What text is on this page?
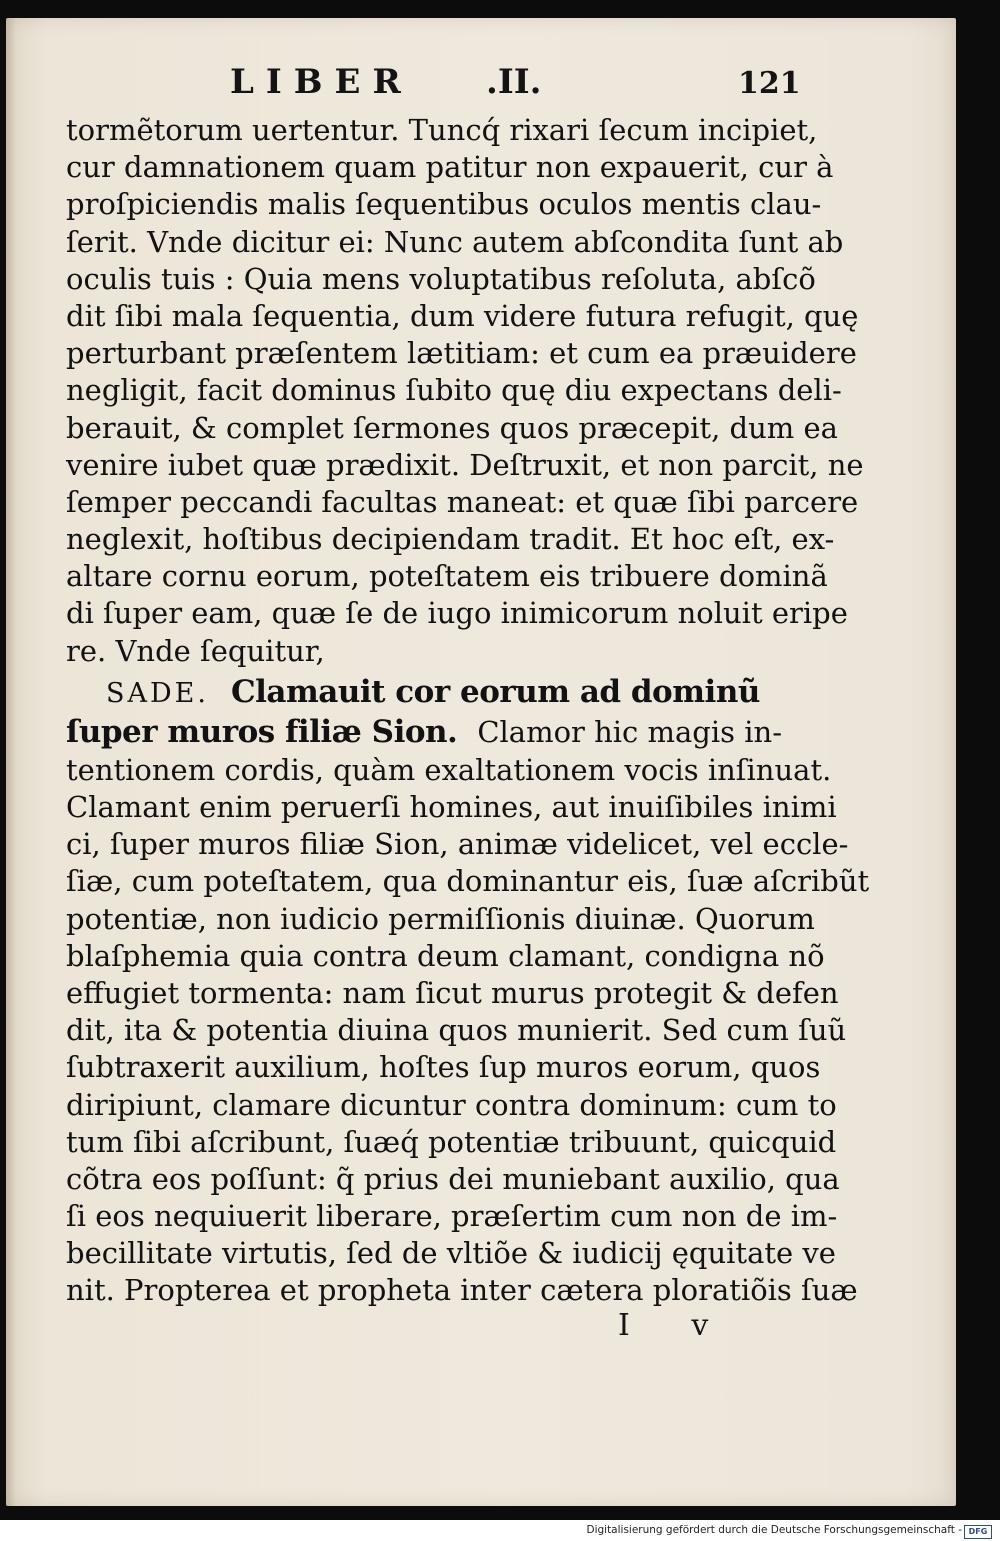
LIBER .II.	121
tormẽtorum uertentur. Tuncq́ rixari ſecum incipiet,
cur damnationem quam patitur non expauerit, cur à
proſpiciendis malis ſequentibus oculos mentis clau-
ſerit. Vnde dicitur ei: Nunc autem abſcondita ſunt ab
oculis tuis : Quia mens voluptatibus reſoluta, abſcõ
dit ſibi mala ſequentia, dum videre futura refugit, quę
perturbant præſentem lætitiam: et cum ea præuidere
negligit, facit dominus ſubito quę diu expectans deli-
berauit, & complet ſermones quos præcepit, dum ea
venire iubet quæ prædixit. Deſtruxit, et non parcit, ne
ſemper peccandi facultas maneat: et quæ ſibi parcere
neglexit, hoſtibus decipiendam tradit. Et hoc eſt, ex-
altare cornu eorum, poteſtatem eis tribuere dominã
di ſuper eam, quæ ſe de iugo inimicorum noluit eripe
re. Vnde ſequitur,
SADE. Clamauit cor eorum ad dominũ
ſuper muros filiæ Sion. Clamor hic magis in-
tentionem cordis, quàm exaltationem vocis inſinuat.
Clamant enim peruerſi homines, aut inuiſibiles inimi
ci, ſuper muros filiæ Sion, animæ videlicet, vel eccle-
ſiæ, cum poteſtatem, qua dominantur eis, ſuæ aſcribũt
potentiæ, non iudicio permiſſionis diuinæ. Quorum
blaſphemia quia contra deum clamant, condigna nõ
effugiet tormenta: nam ſicut murus protegit & defen
dit, ita & potentia diuina quos munierit. Sed cum ſuũ
ſubtraxerit auxilium, hoſtes ſup muros eorum, quos
diripiunt, clamare dicuntur contra dominum: cum to
tum ſibi aſcribunt, ſuæq́ potentiæ tribuunt, quicquid
cõtra eos poſſunt: q̃ prius dei muniebant auxilio, qua
ſi eos nequiuerit liberare, præſertim cum non de im-
becillitate virtutis, ſed de vltiõe & iudicij ęquitate ve
nit. Propterea et propheta inter cætera ploratiõis ſuæ
I v
Digitalisierung gefördert durch die Deutsche Forschungsgemeinschaft - DFG
